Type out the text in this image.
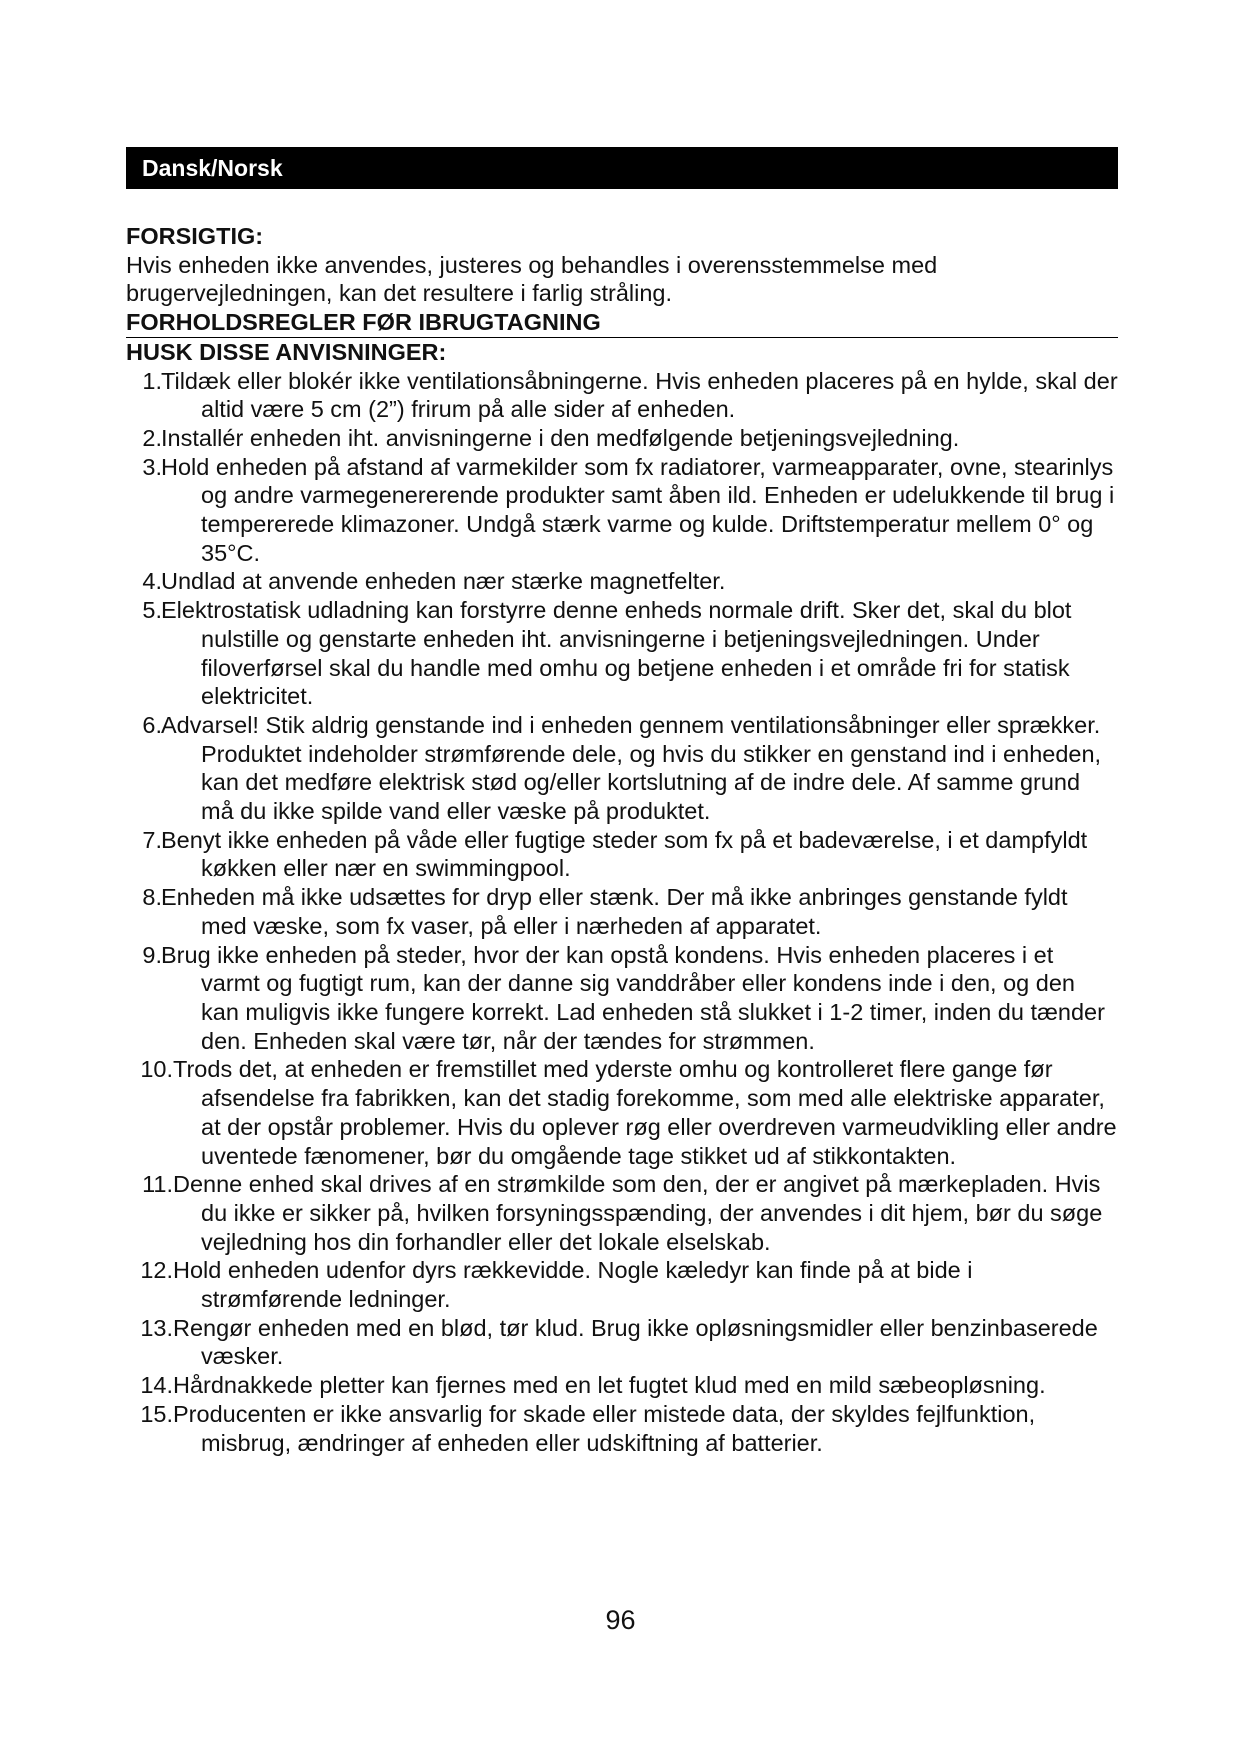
Dansk/Norsk
FORSIGTIG:
Hvis enheden ikke anvendes, justeres og behandles i overensstemmelse med brugervejledningen, kan det resultere i farlig stråling.
FORHOLDSREGLER FØR IBRUGTAGNING
HUSK DISSE ANVISNINGER:
1. Tildæk eller blokér ikke ventilationsåbningerne. Hvis enheden placeres på en hylde, skal der altid være 5 cm (2”) frirum på alle sider af enheden.
2. Installér enheden iht. anvisningerne i den medfølgende betjeningsvejledning.
3. Hold enheden på afstand af varmekilder som fx radiatorer, varmeapparater, ovne, stearinlys og andre varmegenererende produkter samt åben ild. Enheden er udelukkende til brug i tempererede klimazoner. Undgå stærk varme og kulde. Driftstemperatur mellem 0° og 35°C.
4. Undlad at anvende enheden nær stærke magnetfelter.
5. Elektrostatisk udladning kan forstyrre denne enheds normale drift. Sker det, skal du blot nulstille og genstarte enheden iht. anvisningerne i betjeningsvejledningen. Under filoverførsel skal du handle med omhu og betjene enheden i et område fri for statisk elektricitet.
6. Advarsel! Stik aldrig genstande ind i enheden gennem ventilationsåbninger eller sprækker. Produktet indeholder strømførende dele, og hvis du stikker en genstand ind i enheden, kan det medføre elektrisk stød og/eller kortslutning af de indre dele. Af samme grund må du ikke spilde vand eller væske på produktet.
7. Benyt ikke enheden på våde eller fugtige steder som fx på et badeværelse, i et dampfyldt køkken eller nær en swimmingpool.
8. Enheden må ikke udsættes for dryp eller stænk. Der må ikke anbringes genstande fyldt med væske, som fx vaser, på eller i nærheden af apparatet.
9. Brug ikke enheden på steder, hvor der kan opstå kondens. Hvis enheden placeres i et varmt og fugtigt rum, kan der danne sig vanddråber eller kondens inde i den, og den kan muligvis ikke fungere korrekt. Lad enheden stå slukket i 1-2 timer, inden du tænder den. Enheden skal være tør, når der tændes for strømmen.
10. Trods det, at enheden er fremstillet med yderste omhu og kontrolleret flere gange før afsendelse fra fabrikken, kan det stadig forekomme, som med alle elektriske apparater, at der opstår problemer. Hvis du oplever røg eller overdreven varmeudvikling eller andre uventede fænomener, bør du omgående tage stikket ud af stikkontakten.
11. Denne enhed skal drives af en strømkilde som den, der er angivet på mærkepladen. Hvis du ikke er sikker på, hvilken forsyningsspænding, der anvendes i dit hjem, bør du søge vejledning hos din forhandler eller det lokale elselskab.
12. Hold enheden udenfor dyrs rækkevidde. Nogle kæledyr kan finde på at bide i strømførende ledninger.
13. Rengør enheden med en blød, tør klud. Brug ikke opløsningsmidler eller benzinbaserede væsker.
14. Hårdnakkede pletter kan fjernes med en let fugtet klud med en mild sæbeopløsning.
15. Producenten er ikke ansvarlig for skade eller mistede data, der skyldes fejlfunktion, misbrug, ændringer af enheden eller udskiftning af batterier.
96
